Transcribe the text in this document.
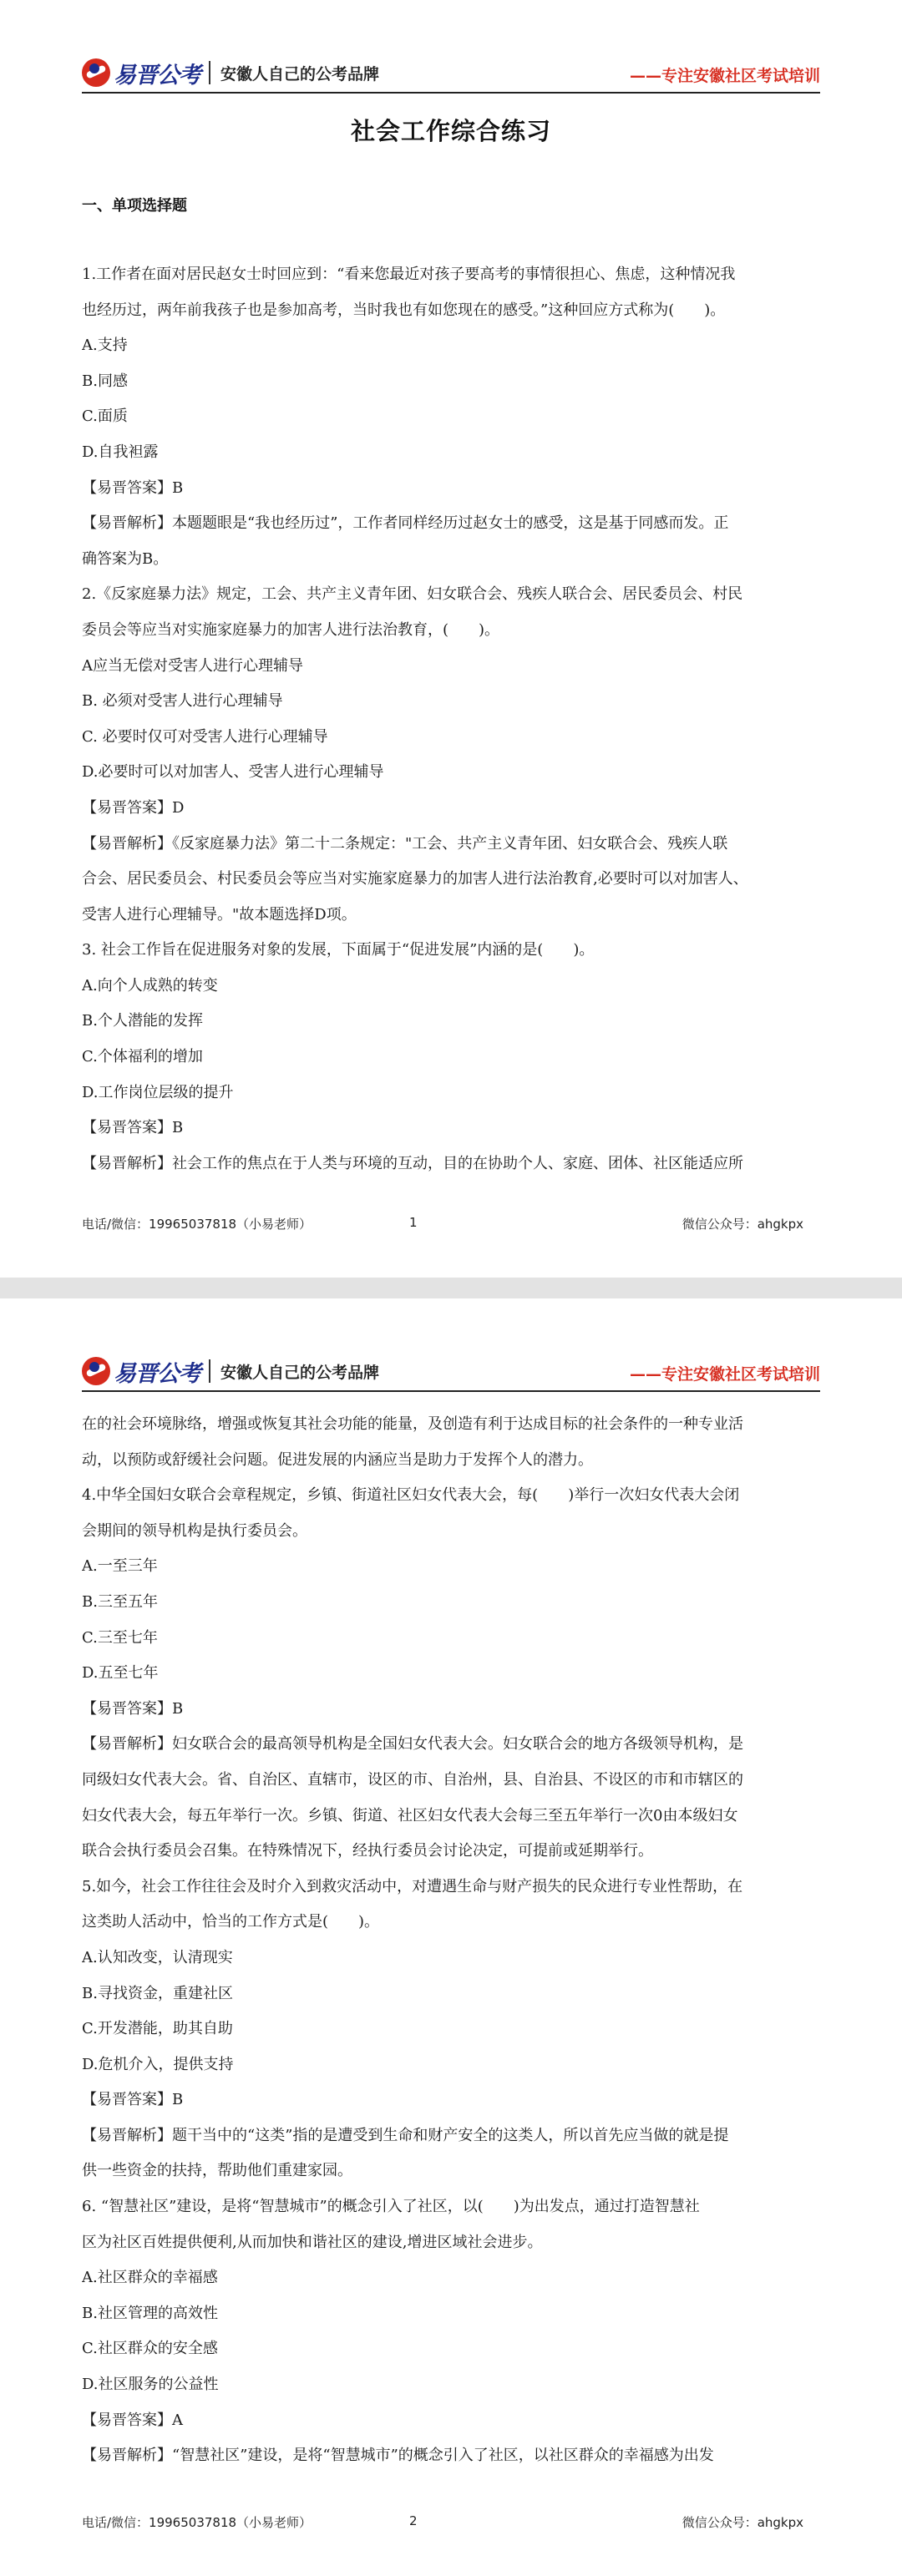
易晋公考 安徽人自己的公考品牌	——专注安徽社区考试培训
社会工作综合练习
一、单项选择题
1.工作者在面对居民赵女士时回应到：“看来您最近对孩子要高考的事情很担心、焦虑，这种情况我
也经历过，两年前我孩子也是参加高考，当时我也有如您现在的感受。”这种回应方式称为(　　)。
A.支持
B.同感
C.面质
D.自我袒露
【易晋答案】B
【易晋解析】本题题眼是“我也经历过”，工作者同样经历过赵女士的感受，这是基于同感而发。正
确答案为B。
2.《反家庭暴力法》规定，工会、共产主义青年团、妇女联合会、残疾人联合会、居民委员会、村民
委员会等应当对实施家庭暴力的加害人进行法治教育，(　　)。
A应当无偿对受害人进行心理辅导
B. 必须对受害人进行心理辅导
C. 必要时仅可对受害人进行心理辅导
D.必要时可以对加害人、受害人进行心理辅导
【易晋答案】D
【易晋解析】《反家庭暴力法》第二十二条规定："工会、共产主义青年团、妇女联合会、残疾人联
合会、居民委员会、村民委员会等应当对实施家庭暴力的加害人进行法治教育,必要时可以对加害人、
受害人进行心理辅导。"故本题选择D项。
3. 社会工作旨在促进服务对象的发展，下面属于“促进发展”内涵的是(　　)。
A.向个人成熟的转变
B.个人潜能的发挥
C.个体福利的增加
D.工作岗位层级的提升
【易晋答案】B
【易晋解析】社会工作的焦点在于人类与环境的互动，目的在协助个人、家庭、团体、社区能适应所
电话/微信：19965037818（小易老师）	1	微信公众号：ahgkpx
易晋公考 安徽人自己的公考品牌	——专注安徽社区考试培训
在的社会环境脉络，增强或恢复其社会功能的能量，及创造有利于达成目标的社会条件的一种专业活
动，以预防或舒缓社会问题。促进发展的内涵应当是助力于发挥个人的潜力。
4.中华全国妇女联合会章程规定，乡镇、街道社区妇女代表大会，每(　　)举行一次妇女代表大会闭
会期间的领导机构是执行委员会。
A.一至三年
B.三至五年
C.三至七年
D.五至七年
【易晋答案】B
【易晋解析】妇女联合会的最高领导机构是全国妇女代表大会。妇女联合会的地方各级领导机构，是
同级妇女代表大会。省、自治区、直辖市，设区的市、自治州，县、自治县、不设区的市和市辖区的
妇女代表大会，每五年举行一次。乡镇、街道、社区妇女代表大会每三至五年举行一次0由本级妇女
联合会执行委员会召集。在特殊情况下，经执行委员会讨论决定，可提前或延期举行。
5.如今，社会工作往往会及时介入到救灾活动中，对遭遇生命与财产损失的民众进行专业性帮助，在
这类助人活动中，恰当的工作方式是(　　)。
A.认知改变，认清现实
B.寻找资金，重建社区
C.开发潜能，助其自助
D.危机介入，提供支持
【易晋答案】B
【易晋解析】题干当中的“这类”指的是遭受到生命和财产安全的这类人，所以首先应当做的就是提
供一些资金的扶持，帮助他们重建家园。
6. “智慧社区”建设，是将“智慧城市”的概念引入了社区，以(　　)为出发点，通过打造智慧社
区为社区百姓提供便利,从而加快和谐社区的建设,增进区域社会进步。
A.社区群众的幸福感
B.社区管理的高效性
C.社区群众的安全感
D.社区服务的公益性
【易晋答案】A
【易晋解析】“智慧社区”建设，是将“智慧城市”的概念引入了社区，以社区群众的幸福感为出发
电话/微信：19965037818（小易老师）	2	微信公众号：ahgkpx
